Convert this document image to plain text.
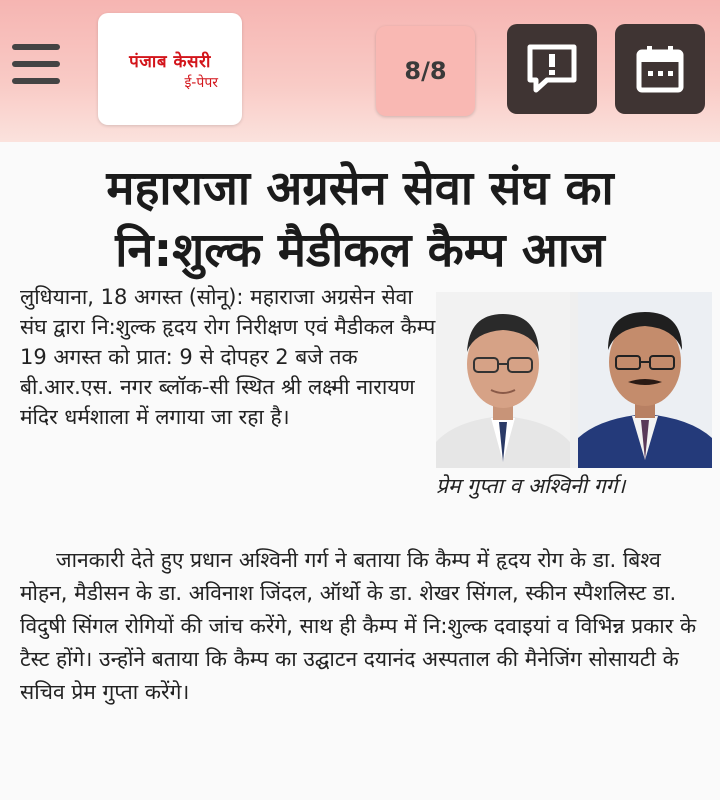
पंजाब केसरी
ई-पेपर	8/8
महाराजा अग्रसेन सेवा संघ का
नि:शुल्क मैडीकल कैम्प आज

लुधियाना, 18 अगस्त (सोनू): महाराजा अग्रसेन सेवा संघ द्वारा नि:शुल्क हृदय रोग निरीक्षण एवं मैडीकल कैम्प 19 अगस्त को प्रात: 9 से दोपहर 2 बजे तक बी.आर.एस. नगर ब्लॉक-सी स्थित श्री लक्ष्मी नारायण मंदिर धर्मशाला में लगाया जा रहा है।

प्रेम गुप्ता व अश्विनी गर्ग।

जानकारी देते हुए प्रधान अश्विनी गर्ग ने बताया कि कैम्प में हृदय रोग के डा. बिश्व मोहन, मैडीसन के डा. अविनाश जिंदल, ऑर्थो के डा. शेखर सिंगल, स्कीन स्पैशलिस्ट डा. विदुषी सिंगल रोगियों की जांच करेंगे, साथ ही कैम्प में नि:शुल्क दवाइयां व विभिन्न प्रकार के टैस्ट होंगे। उन्होंने बताया कि कैम्प का उद्घाटन दयानंद अस्पताल की मैनेजिंग सोसायटी के सचिव प्रेम गुप्ता करेंगे।
